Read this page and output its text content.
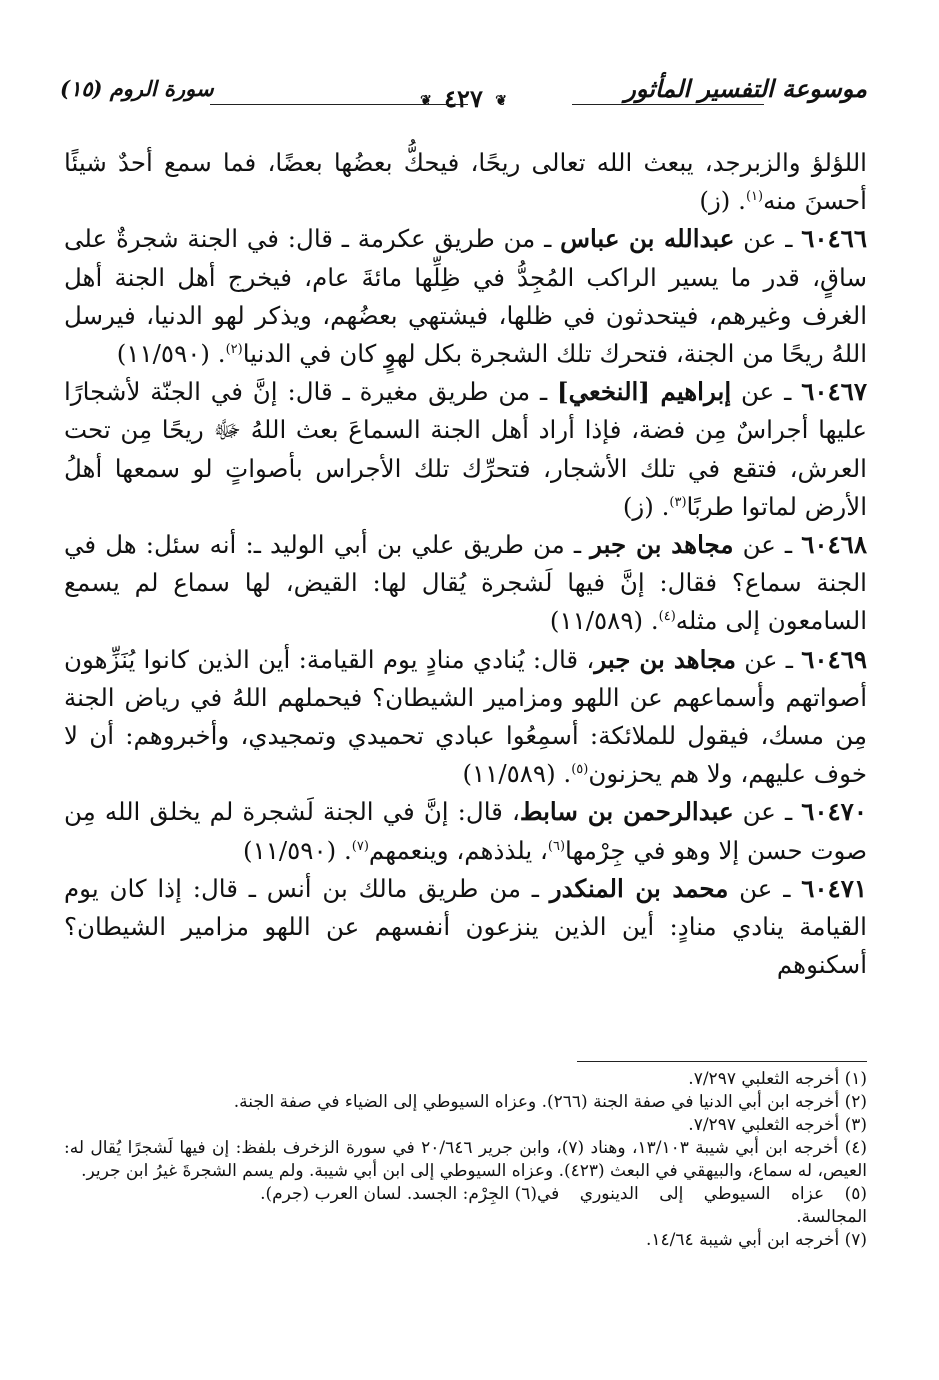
موسوعة التفسير المأثور
❦ ٤٢٧ ❦
سورة الروم (١٥)

اللؤلؤ والزبرجد، يبعث الله تعالى ريحًا، فيحكُّ بعضُها بعضًا، فما سمع أحدٌ شيئًا أحسنَ منه$^{(١)}$. (ز)

٦٠٤٦٦ ـ عن عبدالله بن عباس ـ من طريق عكرمة ـ قال: في الجنة شجرةٌ على ساقٍ، قدر ما يسير الراكب المُجِدُّ في ظِلِّها مائةَ عام، فيخرج أهل الجنة أهل الغرف وغيرهم، فيتحدثون في ظلها، فيشتهي بعضُهم، ويذكر لهو الدنيا، فيرسل اللهُ ريحًا من الجنة، فتحرك تلك الشجرة بكل لهوٍ كان في الدنيا$^{(٢)}$. (١١/٥٩٠)

٦٠٤٦٧ ـ عن إبراهيم [النخعي] ـ من طريق مغيرة ـ قال: إنَّ في الجنّة لأشجارًا عليها أجراسٌ مِن فضة، فإذا أراد أهل الجنة السماعَ بعث اللهُ ﷻ ريحًا مِن تحت العرش، فتقع في تلك الأشجار، فتحرِّك تلك الأجراس بأصواتٍ لو سمعها أهلُ الأرض لماتوا طربًا$^{(٣)}$. (ز)

٦٠٤٦٨ ـ عن مجاهد بن جبر ـ من طريق علي بن أبي الوليد ـ: أنه سئل: هل في الجنة سماع؟ فقال: إنَّ فيها لَشجرة يُقال لها: القيض، لها سماع لم يسمع السامعون إلى مثله$^{(٤)}$. (١١/٥٨٩)

٦٠٤٦٩ ـ عن مجاهد بن جبر، قال: يُنادي منادٍ يوم القيامة: أين الذين كانوا يُنَزِّهون أصواتهم وأسماعهم عن اللهو ومزامير الشيطان؟ فيحملهم اللهُ في رياض الجنة مِن مسك، فيقول للملائكة: أسمِعُوا عبادي تحميدي وتمجيدي، وأخبروهم: أن لا خوف عليهم، ولا هم يحزنون$^{(٥)}$. (١١/٥٨٩)

٦٠٤٧٠ ـ عن عبدالرحمن بن سابط، قال: إنَّ في الجنة لَشجرة لم يخلق الله مِن صوت حسن إلا وهو في جِرْمها$^{(٦)}$، يلذذهم، وينعمهم$^{(٧)}$. (١١/٥٩٠)

٦٠٤٧١ ـ عن محمد بن المنكدر ـ من طريق مالك بن أنس ـ قال: إذا كان يوم القيامة ينادي منادٍ: أين الذين ينزعون أنفسهم عن اللهو مزامير الشيطان؟ أسكنوهم

(١) أخرجه الثعلبي ٧/٢٩٧.

(٢) أخرجه ابن أبي الدنيا في صفة الجنة (٢٦٦). وعزاه السيوطي إلى الضياء في صفة الجنة.

(٣) أخرجه الثعلبي ٧/٢٩٧.

(٤) أخرجه ابن أبي شيبة ١٣/١٠٣، وهناد (٧)، وابن جرير ٢٠/٦٤٦ في سورة الزخرف بلفظ: إن فيها لَشجرًا يُقال له: العيص، له سماع، والبيهقي في البعث (٤٢٣). وعزاه السيوطي إلى ابن أبي شيبة. ولم يسم الشجرةَ غيرُ ابن جرير.

(٥) عزاه السيوطي إلى الدينوري في المجالسة.
(٦) الجِرْم: الجسد. لسان العرب (جرم).

(٧) أخرجه ابن أبي شيبة ١٤/٦٤.
